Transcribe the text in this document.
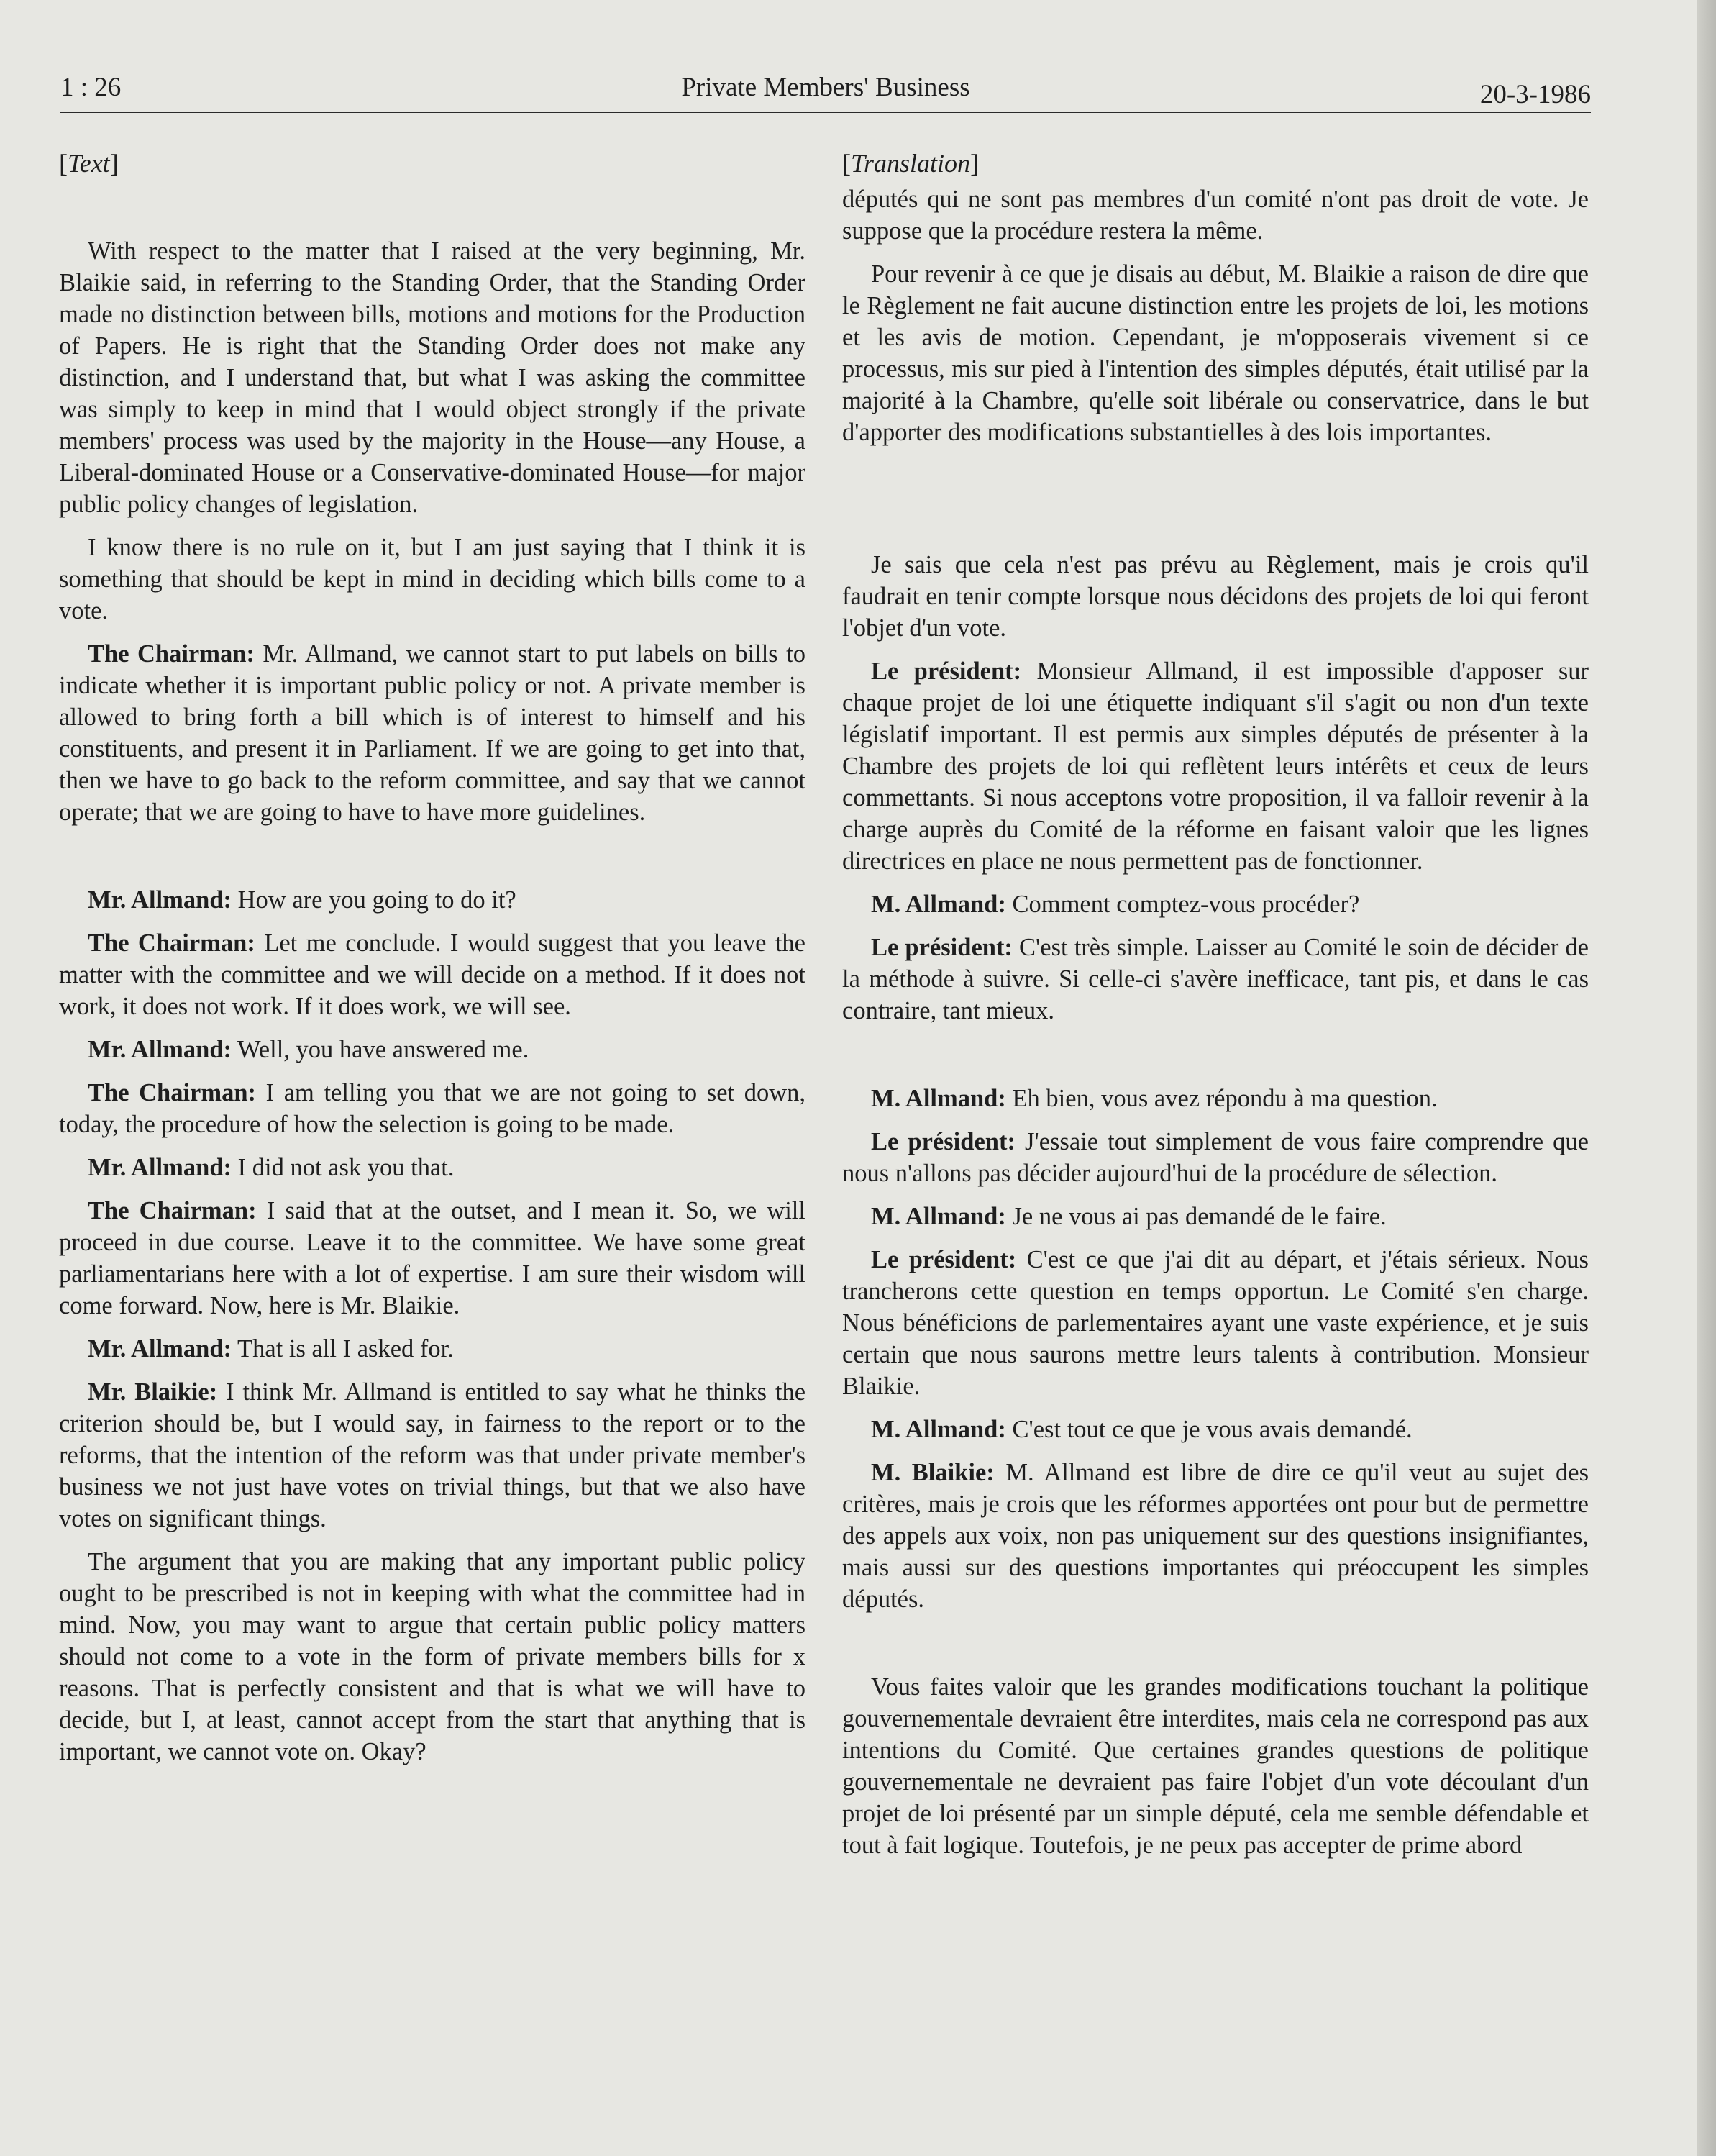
Private Members' Business
1 : 26	20-3-1986
[Text]

With respect to the matter that I raised at the very beginning, Mr. Blaikie said, in referring to the Standing Order, that the Standing Order made no distinction between bills, motions and motions for the Production of Papers. He is right that the Standing Order does not make any distinction, and I understand that, but what I was asking the committee was simply to keep in mind that I would object strongly if the private members' process was used by the majority in the House—any House, a Liberal-dominated House or a Conservative-dominated House—for major public policy changes of legislation.

I know there is no rule on it, but I am just saying that I think it is something that should be kept in mind in deciding which bills come to a vote.

The Chairman: Mr. Allmand, we cannot start to put labels on bills to indicate whether it is important public policy or not. A private member is allowed to bring forth a bill which is of interest to himself and his constituents, and present it in Parliament. If we are going to get into that, then we have to go back to the reform committee, and say that we cannot operate; that we are going to have to have more guidelines.

Mr. Allmand: How are you going to do it?

The Chairman: Let me conclude. I would suggest that you leave the matter with the committee and we will decide on a method. If it does not work, it does not work. If it does work, we will see.

Mr. Allmand: Well, you have answered me.

The Chairman: I am telling you that we are not going to set down, today, the procedure of how the selection is going to be made.

Mr. Allmand: I did not ask you that.

The Chairman: I said that at the outset, and I mean it. So, we will proceed in due course. Leave it to the committee. We have some great parliamentarians here with a lot of expertise. I am sure their wisdom will come forward. Now, here is Mr. Blaikie.

Mr. Allmand: That is all I asked for.

Mr. Blaikie: I think Mr. Allmand is entitled to say what he thinks the criterion should be, but I would say, in fairness to the report or to the reforms, that the intention of the reform was that under private member's business we not just have votes on trivial things, but that we also have votes on significant things.

The argument that you are making that any important public policy ought to be prescribed is not in keeping with what the committee had in mind. Now, you may want to argue that certain public policy matters should not come to a vote in the form of private members bills for x reasons. That is perfectly consistent and that is what we will have to decide, but I, at least, cannot accept from the start that anything that is important, we cannot vote on. Okay?

[Translation]

députés qui ne sont pas membres d'un comité n'ont pas droit de vote. Je suppose que la procédure restera la même.

Pour revenir à ce que je disais au début, M. Blaikie a raison de dire que le Règlement ne fait aucune distinction entre les projets de loi, les motions et les avis de motion. Cependant, je m'opposerais vivement si ce processus, mis sur pied à l'intention des simples députés, était utilisé par la majorité à la Chambre, qu'elle soit libérale ou conservatrice, dans le but d'apporter des modifications substantielles à des lois importantes.

Je sais que cela n'est pas prévu au Règlement, mais je crois qu'il faudrait en tenir compte lorsque nous décidons des projets de loi qui feront l'objet d'un vote.

Le président: Monsieur Allmand, il est impossible d'apposer sur chaque projet de loi une étiquette indiquant s'il s'agit ou non d'un texte législatif important. Il est permis aux simples députés de présenter à la Chambre des projets de loi qui reflètent leurs intérêts et ceux de leurs commettants. Si nous acceptons votre proposition, il va falloir revenir à la charge auprès du Comité de la réforme en faisant valoir que les lignes directrices en place ne nous permettent pas de fonctionner.

M. Allmand: Comment comptez-vous procéder?

Le président: C'est très simple. Laisser au Comité le soin de décider de la méthode à suivre. Si celle-ci s'avère inefficace, tant pis, et dans le cas contraire, tant mieux.

M. Allmand: Eh bien, vous avez répondu à ma question.

Le président: J'essaie tout simplement de vous faire comprendre que nous n'allons pas décider aujourd'hui de la procédure de sélection.

M. Allmand: Je ne vous ai pas demandé de le faire.

Le président: C'est ce que j'ai dit au départ, et j'étais sérieux. Nous trancherons cette question en temps opportun. Le Comité s'en charge. Nous bénéficions de parlementaires ayant une vaste expérience, et je suis certain que nous saurons mettre leurs talents à contribution. Monsieur Blaikie.

M. Allmand: C'est tout ce que je vous avais demandé.

M. Blaikie: M. Allmand est libre de dire ce qu'il veut au sujet des critères, mais je crois que les réformes apportées ont pour but de permettre des appels aux voix, non pas uniquement sur des questions insignifiantes, mais aussi sur des questions importantes qui préoccupent les simples députés.

Vous faites valoir que les grandes modifications touchant la politique gouvernementale devraient être interdites, mais cela ne correspond pas aux intentions du Comité. Que certaines grandes questions de politique gouvernementale ne devraient pas faire l'objet d'un vote découlant d'un projet de loi présenté par un simple député, cela me semble défendable et tout à fait logique. Toutefois, je ne peux pas accepter de prime abord
